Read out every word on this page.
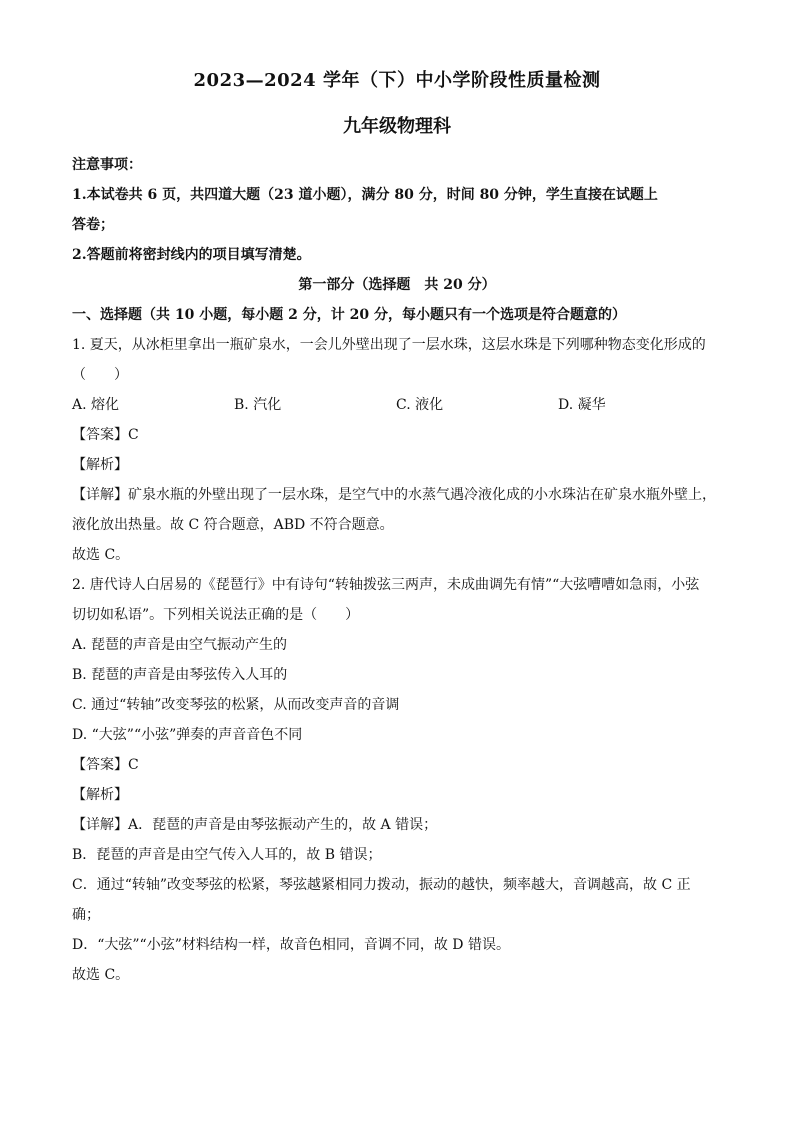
2023—2024 学年（下）中小学阶段性质量检测
九年级物理科
注意事项：
1.本试卷共 6 页，共四道大题（23 道小题），满分 80 分，时间 80 分钟，学生直接在试题上
答卷；
2.答题前将密封线内的项目填写清楚。
第一部分（选择题　共 20 分）
一、选择题（共 10 小题，每小题 2 分，计 20 分，每小题只有一个选项是符合题意的）
1. 夏天，从冰柜里拿出一瓶矿泉水，一会儿外壁出现了一层水珠，这层水珠是下列哪种物态变化形成的
（　　）
A. 熔化	B. 汽化	C. 液化	D. 凝华
【答案】C
【解析】
【详解】矿泉水瓶的外壁出现了一层水珠，是空气中的水蒸气遇冷液化成的小水珠沾在矿泉水瓶外壁上，
液化放出热量。故 C 符合题意，ABD 不符合题意。
故选 C。
2. 唐代诗人白居易的《琵琶行》中有诗句“转轴拨弦三两声，未成曲调先有情”“大弦嘈嘈如急雨，小弦
切切如私语”。下列相关说法正确的是（　　）
A. 琵琶的声音是由空气振动产生的
B. 琵琶的声音是由琴弦传入人耳的
C. 通过“转轴”改变琴弦的松紧，从而改变声音的音调
D. “大弦”“小弦”弹奏的声音音色不同
【答案】C
【解析】
【详解】A．琵琶的声音是由琴弦振动产生的，故 A 错误；
B．琵琶的声音是由空气传入人耳的，故 B 错误；
C．通过“转轴”改变琴弦的松紧，琴弦越紧相同力拨动，振动的越快，频率越大，音调越高，故 C 正
确；
D．“大弦”“小弦”材料结构一样，故音色相同，音调不同，故 D 错误。
故选 C。
